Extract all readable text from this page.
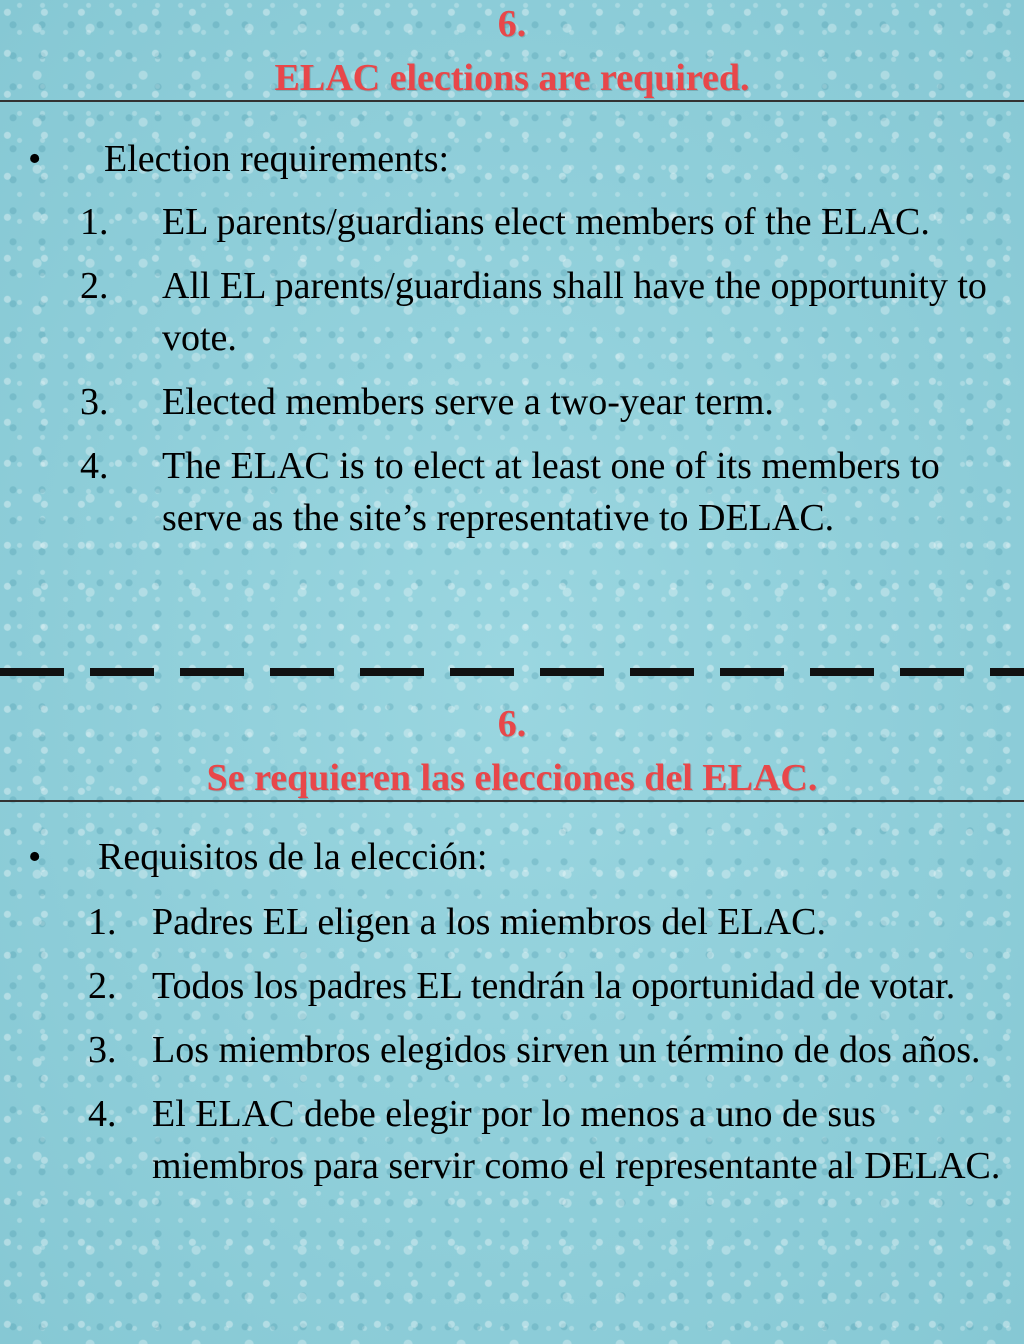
6.
ELAC elections are required.
•	Election requirements:
1.	EL parents/guardians elect members of the ELAC.
2.	All EL parents/guardians shall have the opportunity to vote.
3.	Elected members serve a two-year term.
4.	The ELAC is to elect at least one of its members to serve as the site’s representative to DELAC.
6.
Se requieren las elecciones del ELAC.
•	Requisitos de la elección:
1. Padres EL eligen a los miembros del ELAC.
2. Todos los padres EL tendrán la oportunidad de votar.
3. Los miembros elegidos sirven un término de dos años.
4. El ELAC debe elegir por lo menos a uno de sus miembros para servir como el representante al DELAC.
